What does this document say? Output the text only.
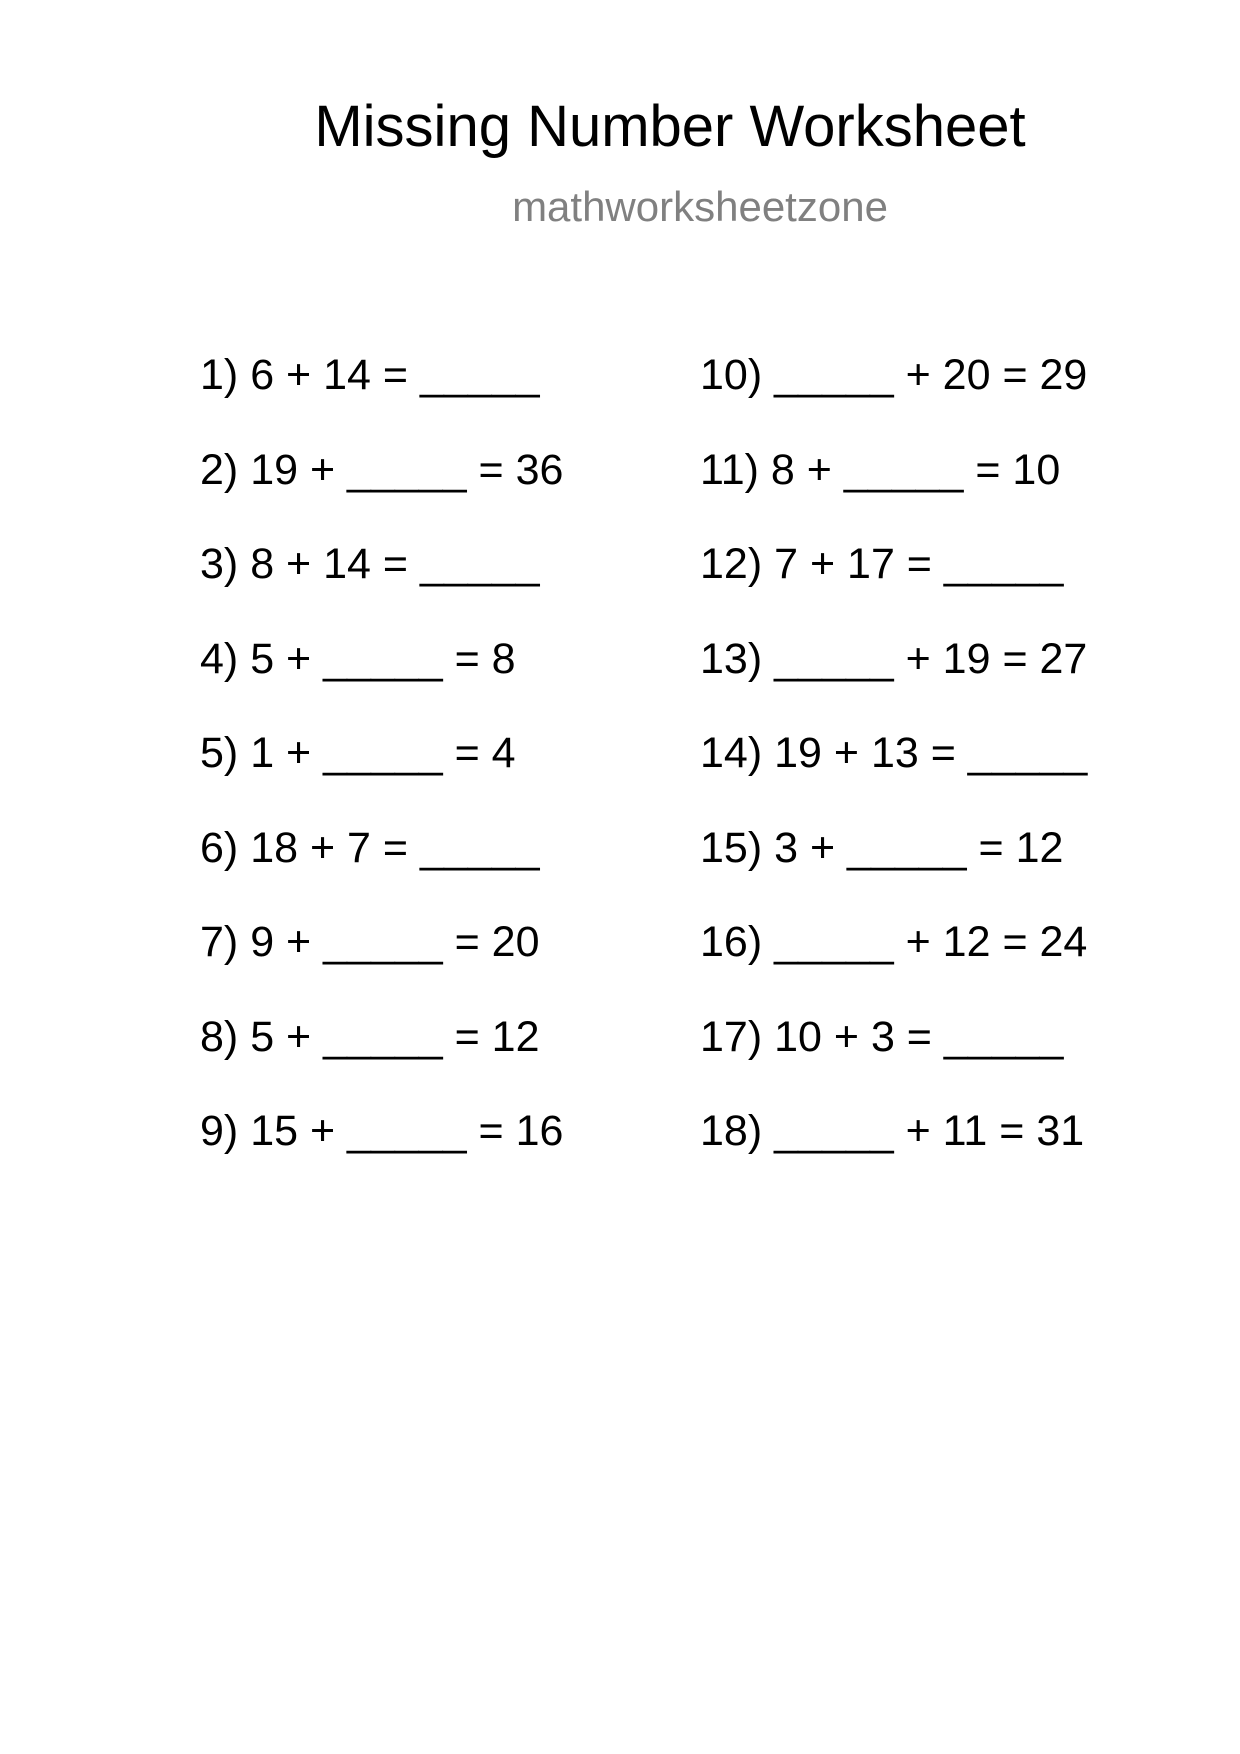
Missing Number Worksheet
mathworksheetzone
1) 6 + 14 = _____
2) 19 + _____ = 36
3) 8 + 14 = _____
4) 5 + _____ = 8
5) 1 + _____ = 4
6) 18 + 7 = _____
7) 9 + _____ = 20
8) 5 + _____ = 12
9) 15 + _____ = 16
10) _____ + 20 = 29
11) 8 + _____ = 10
12) 7 + 17 = _____
13) _____ + 19 = 27
14) 19 + 13 = _____
15) 3 + _____ = 12
16) _____ + 12 = 24
17) 10 + 3 = _____
18) _____ + 11 = 31
